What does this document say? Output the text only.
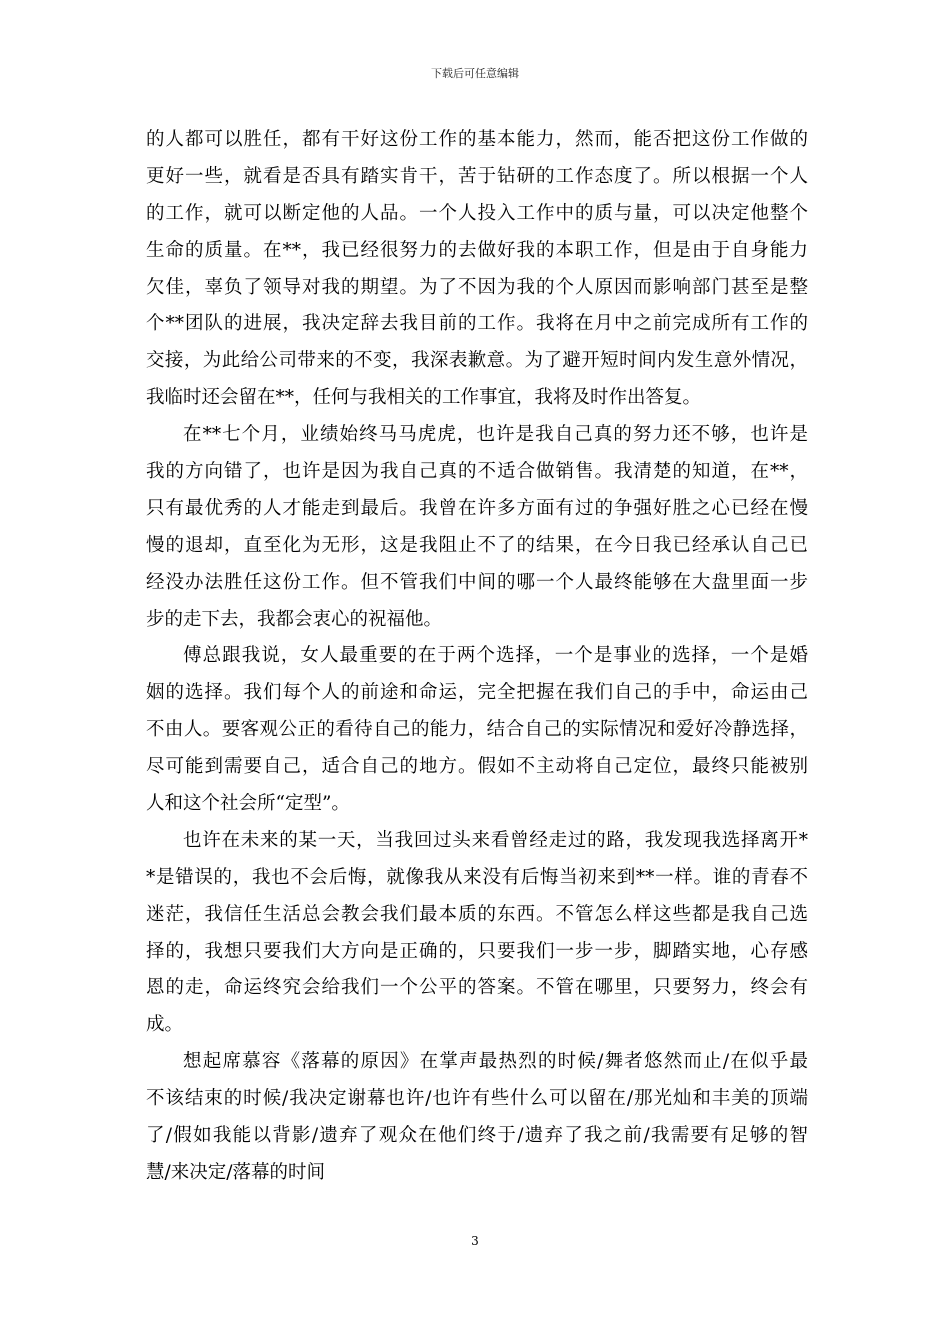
下载后可任意编辑
的人都可以胜任，都有干好这份工作的基本能力，然而，能否把这份工作做的
更好一些，就看是否具有踏实肯干，苦于钻研的工作态度了。所以根据一个人
的工作，就可以断定他的人品。一个人投入工作中的质与量，可以决定他整个
生命的质量。在**，我已经很努力的去做好我的本职工作，但是由于自身能力
欠佳，辜负了领导对我的期望。为了不因为我的个人原因而影响部门甚至是整
个**团队的进展，我决定辞去我目前的工作。我将在月中之前完成所有工作的
交接，为此给公司带来的不变，我深表歉意。为了避开短时间内发生意外情况，
我临时还会留在**，任何与我相关的工作事宜，我将及时作出答复。
在**七个月，业绩始终马马虎虎，也许是我自己真的努力还不够，也许是
我的方向错了，也许是因为我自己真的不适合做销售。我清楚的知道，在**，
只有最优秀的人才能走到最后。我曾在许多方面有过的争强好胜之心已经在慢
慢的退却，直至化为无形，这是我阻止不了的结果，在今日我已经承认自己已
经没办法胜任这份工作。但不管我们中间的哪一个人最终能够在大盘里面一步
步的走下去，我都会衷心的祝福他。
傅总跟我说，女人最重要的在于两个选择，一个是事业的选择，一个是婚
姻的选择。我们每个人的前途和命运，完全把握在我们自己的手中，命运由己
不由人。要客观公正的看待自己的能力，结合自己的实际情况和爱好冷静选择，
尽可能到需要自己，适合自己的地方。假如不主动将自己定位，最终只能被别
人和这个社会所“定型”。
也许在未来的某一天，当我回过头来看曾经走过的路，我发现我选择离开*
*是错误的，我也不会后悔，就像我从来没有后悔当初来到**一样。谁的青春不
迷茫，我信任生活总会教会我们最本质的东西。不管怎么样这些都是我自己选
择的，我想只要我们大方向是正确的，只要我们一步一步，脚踏实地，心存感
恩的走，命运终究会给我们一个公平的答案。不管在哪里，只要努力，终会有
成。
想起席慕容《落幕的原因》在掌声最热烈的时候/舞者悠然而止/在似乎最
不该结束的时候/我决定谢幕也许/也许有些什么可以留在/那光灿和丰美的顶端
了/假如我能以背影/遗弃了观众在他们终于/遗弃了我之前/我需要有足够的智
慧/来决定/落幕的时间
3
